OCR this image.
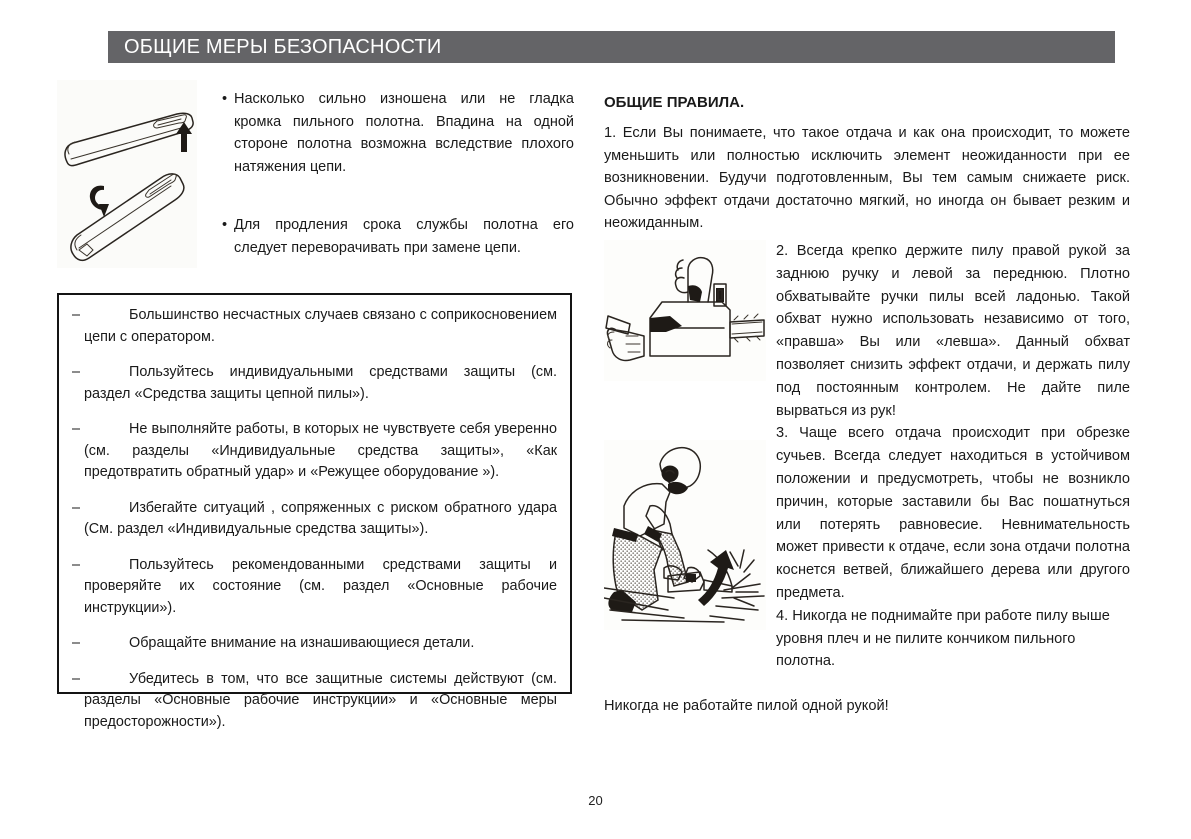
ОБЩИЕ МЕРЫ БЕЗОПАСНОСТИ
• Насколько сильно изношена или не гладка кромка пильного полотна. Впадина на одной стороне полотна возможна вследствие плохого натяжения цепи.
• Для продления срока службы полотна его следует переворачивать при замене цепи.
–	Большинство несчастных случаев связано с соприкосновением цепи с оператором.
–	Пользуйтесь индивидуальными средствами защиты (см. раздел «Средства защиты цепной пилы»).
–	Не выполняйте работы, в которых не чувствуете себя уверенно (см. разделы «Индивидуальные средства защиты», «Как предотвратить обратный удар» и «Режущее оборудование »).
–	Избегайте ситуаций , сопряженных с риском обратного удара (См. раздел «Индивидуальные средства защиты»).
–	Пользуйтесь рекомендованными средствами защиты и проверяйте их состояние (см. раздел «Основные рабочие инструкции»).
–	Обращайте внимание на изнашивающиеся детали.
–	Убедитесь в том, что все защитные системы действуют (см. разделы «Основные рабочие инструкции» и «Основные меры предосторожности»).
ОБЩИЕ ПРАВИЛА.

1. Если Вы понимаете, что такое отдача и как она происходит, то можете уменьшить или полностью исключить элемент неожиданности при ее возникновении. Будучи подготовленным, Вы тем самым снижаете риск. Обычно эффект отдачи достаточно мягкий, но иногда он бывает резким и неожиданным.

2. Всегда крепко держите пилу правой рукой за заднюю ручку и левой за переднюю. Плотно обхватывайте ручки пилы всей ладонью. Такой обхват нужно использовать независимо от того, «правша» Вы или «левша». Данный обхват позволяет снизить эффект отдачи, и держать пилу под постоянным контролем. Не дайте пиле вырваться из рук!

3. Чаще всего отдача происходит при обрезке сучьев. Всегда следует находиться в устойчивом положении и предусмотреть, чтобы не возникло причин, которые заставили бы Вас пошатнуться или потерять равновесие. Невнимательность может привести к отдаче, если зона отдачи полотна коснется ветвей, ближайшего дерева или другого предмета.

4. Никогда не поднимайте при работе пилу выше уровня плеч и не пилите кончиком пильного полотна.

Никогда не работайте пилой одной рукой!

20
